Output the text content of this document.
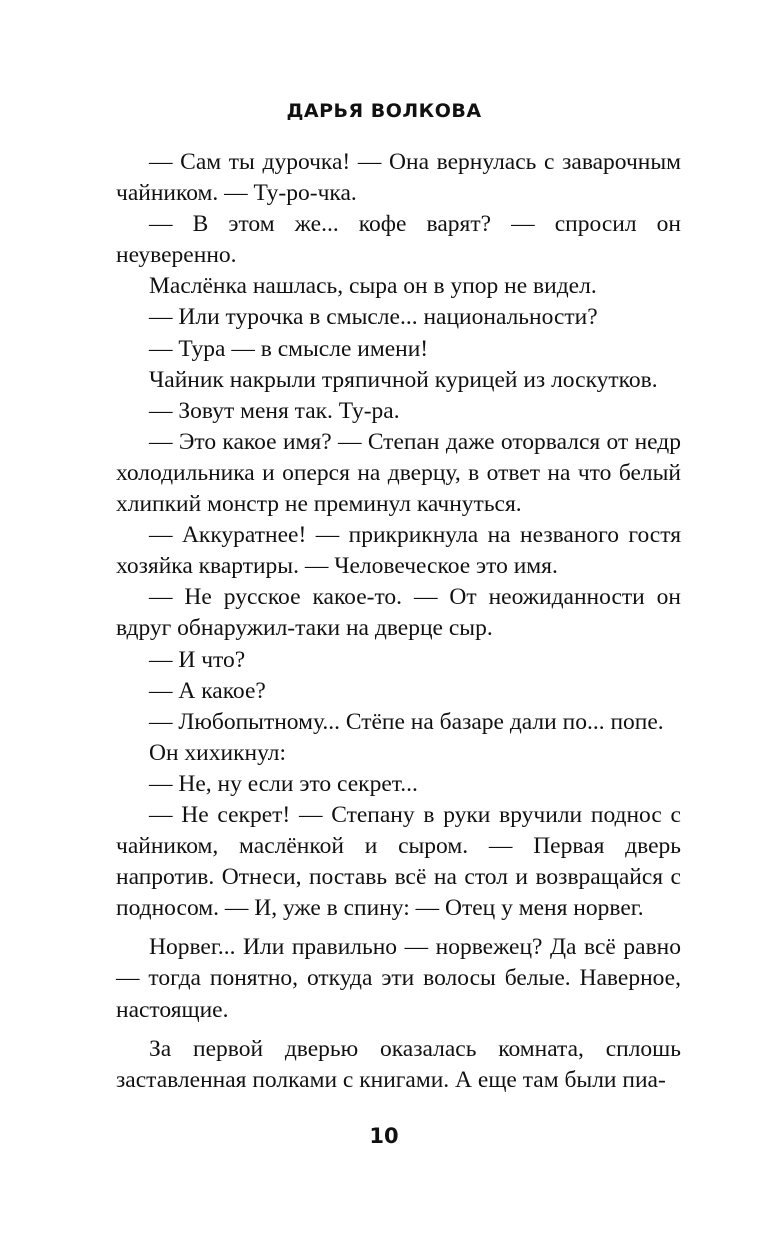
ДАРЬЯ ВОЛКОВА

— Сам ты дурочка! — Она вернулась с заварочным чайником. — Ту-ро-чка.

— В этом же... кофе варят? — спросил он неуверенно.

Маслёнка нашлась, сыра он в упор не видел.

— Или турочка в смысле... национальности?

— Тура — в смысле имени!

Чайник накрыли тряпичной курицей из лоскутков.

— Зовут меня так. Ту-ра.

— Это какое имя? — Степан даже оторвался от недр холодильника и оперся на дверцу, в ответ на что белый хлипкий монстр не преминул качнуться.

— Аккуратнее! — прикрикнула на незваного гостя хозяйка квартиры. — Человеческое это имя.

— Не русское какое-то. — От неожиданности он вдруг обнаружил-таки на дверце сыр.

— И что?

— А какое?

— Любопытному... Стёпе на базаре дали по... попе.

Он хихикнул:

— Не, ну если это секрет...

— Не секрет! — Степану в руки вручили поднос с чайником, маслёнкой и сыром. — Первая дверь напротив. Отнеси, поставь всё на стол и возвращайся с подносом. — И, уже в спину: — Отец у меня норвег.

Норвег... Или правильно — норвежец? Да всё равно — тогда понятно, откуда эти волосы белые. Наверное, настоящие.

За первой дверью оказалась комната, сплошь заставленная полками с книгами. А еще там были пиа-

10
